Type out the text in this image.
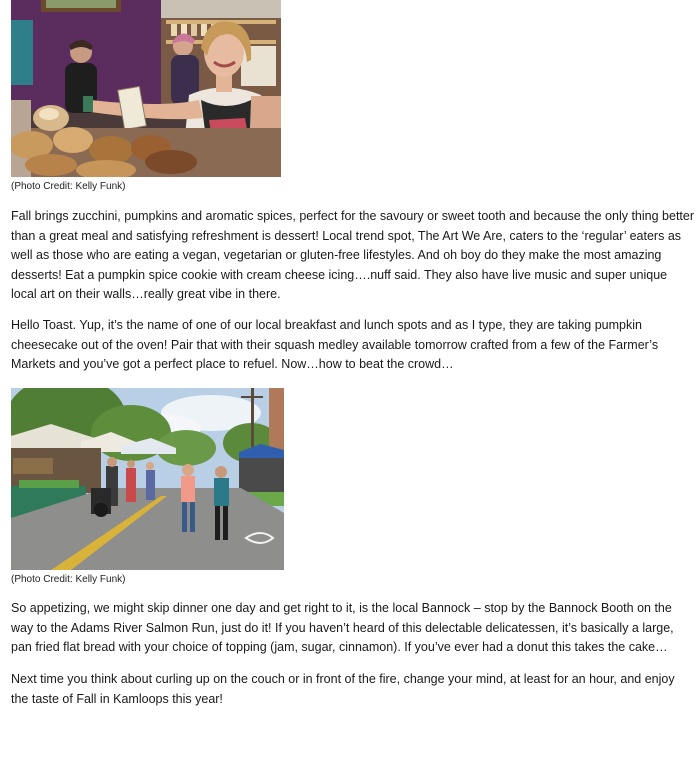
(Photo Credit: Kelly Funk)

Fall brings zucchini, pumpkins and aromatic spices, perfect for the savoury or sweet tooth and because the only thing better than a great meal and satisfying refreshment is dessert! Local trend spot, The Art We Are, caters to the ‘regular’ eaters as well as those who are eating a vegan, vegetarian or gluten-free lifestyles. And oh boy do they make the most amazing desserts! Eat a pumpkin spice cookie with cream cheese icing….nuff said. They also have live music and super unique local art on their walls…really great vibe in there.

Hello Toast. Yup, it’s the name of one of our local breakfast and lunch spots and as I type, they are taking pumpkin cheesecake out of the oven! Pair that with their squash medley available tomorrow crafted from a few of the Farmer’s Markets and you’ve got a perfect place to refuel. Now…how to beat the crowd…

(Photo Credit: Kelly Funk)

So appetizing, we might skip dinner one day and get right to it, is the local Bannock – stop by the Bannock Booth on the way to the Adams River Salmon Run, just do it! If you haven’t heard of this delectable delicatessen, it’s basically a large, pan fried flat bread with your choice of topping (jam, sugar, cinnamon). If you’ve ever had a donut this takes the cake…

Next time you think about curling up on the couch or in front of the fire, change your mind, at least for an hour, and enjoy the taste of Fall in Kamloops this year!
